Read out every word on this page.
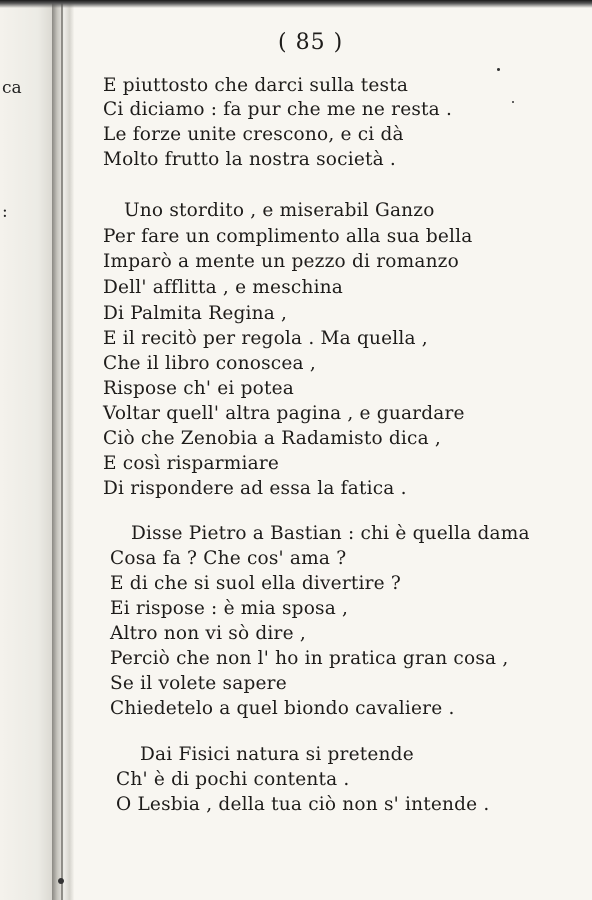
ca
:

( 85 )

E piuttosto che darci sulla testa

Ci diciamo : fa pur che me ne resta .

Le forze unite crescono, e ci dà

Molto frutto la nostra società .

Uno stordito , e miserabil Ganzo

Per fare un complimento alla sua bella

Imparò a mente un pezzo di romanzo

Dell' afflitta , e meschina

Di Palmita Regina ,

E il recitò per regola . Ma quella ,

Che il libro conoscea ,

Rispose ch' ei potea

Voltar quell' altra pagina , e guardare

Ciò che Zenobia a Radamisto dica ,

E così risparmiare

Di rispondere ad essa la fatica .

Disse Pietro a Bastian : chi è quella dama

Cosa fa ? Che cos' ama ?

E di che si suol ella divertire ?

Ei rispose : è mia sposa ,

Altro non vi sò dire ,

Perciò che non l' ho in pratica gran cosa ,

Se il volete sapere

Chiedetelo a quel biondo cavaliere .

Dai Fisici natura si pretende

Ch' è di pochi contenta .

O Lesbia , della tua ciò non s' intende .
